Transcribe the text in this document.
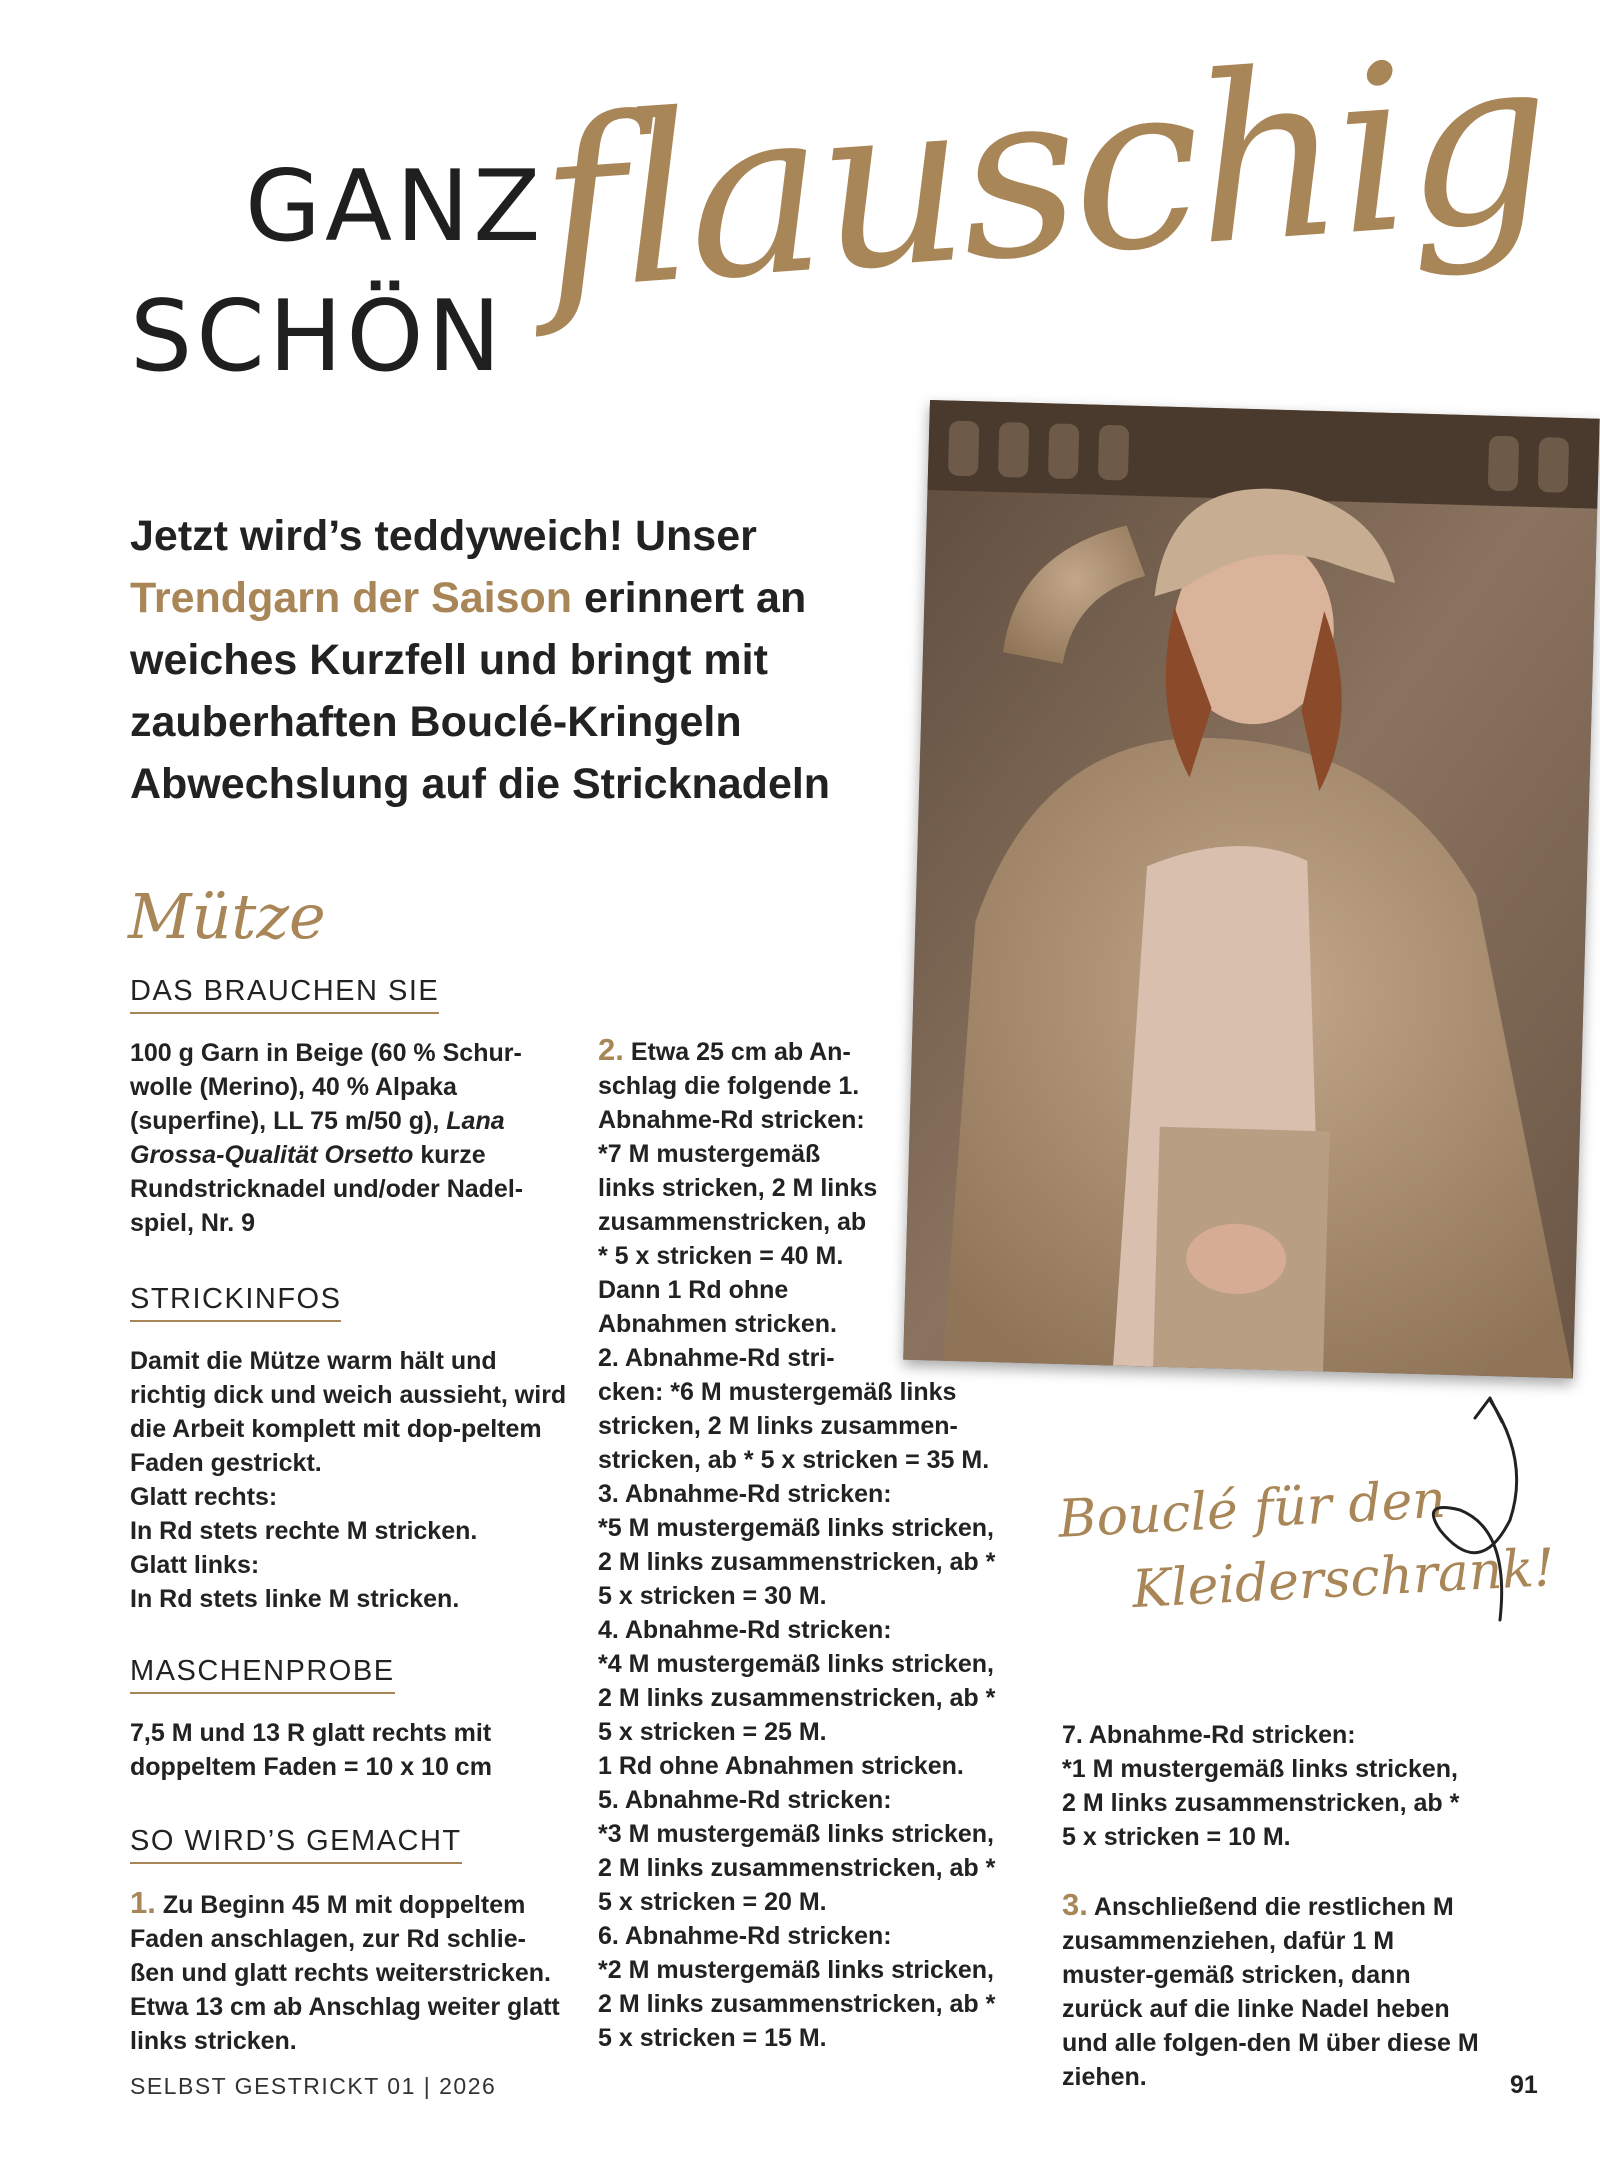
GANZ
SCHÖN flauschig
Jetzt wird’s teddyweich! Unser
Trendgarn der Saison erinnert an weiches Kurzfell und bringt mit zauberhaften Bouclé-Kringeln Abwechslung auf die Stricknadeln
Mütze
DAS BRAUCHEN SIE
100 g Garn in Beige (60 % Schur-wolle (Merino), 40 % Alpaka (superfine), LL 75 m/50 g), Lana Grossa-Qualität Orsetto kurze Rundstricknadel und/oder Nadel-spiel, Nr. 9
STRICKINFOS

Damit die Mütze warm hält und richtig dick und weich aussieht, wird die Arbeit komplett mit dop-peltem Faden gestrickt.

Glatt rechts:

In Rd stets rechte M stricken.

Glatt links:

In Rd stets linke M stricken.

MASCHENPROBE
7,5 M und 13 R glatt rechts mit doppeltem Faden = 10 x 10 cm
SO WIRD’S GEMACHT
1. Zu Beginn 45 M mit doppeltem Faden anschlagen, zur Rd schlie-ßen und glatt rechts weiterstricken. Etwa 13 cm ab Anschlag weiter glatt links stricken.
2. Etwa 25 cm ab An-

schlag die folgende 1.

Abnahme-Rd stricken:

*7 M mustergemäß

links stricken, 2 M links

zusammenstricken, ab

* 5 x stricken = 40 M.

Dann 1 Rd ohne

Abnahmen stricken.

2. Abnahme-Rd stri-

cken: *6 M mustergemäß links

stricken, 2 M links zusammen-

stricken, ab * 5 x stricken = 35 M.

3. Abnahme-Rd stricken:

*5 M mustergemäß links stricken,

2 M links zusammenstricken, ab *

5 x stricken = 30 M.

4. Abnahme-Rd stricken:

*4 M mustergemäß links stricken,

2 M links zusammenstricken, ab *

5 x stricken = 25 M.

1 Rd ohne Abnahmen stricken.

5. Abnahme-Rd stricken:

*3 M mustergemäß links stricken,

2 M links zusammenstricken, ab *

5 x stricken = 20 M.

6. Abnahme-Rd stricken:

*2 M mustergemäß links stricken,

2 M links zusammenstricken, ab *

5 x stricken = 15 M.

Bouclé für den
Kleiderschrank!

7. Abnahme-Rd stricken:

*1 M mustergemäß links stricken,

2 M links zusammenstricken, ab *

5 x stricken = 10 M.

3. Anschließend die restlichen M zusammenziehen, dafür 1 M muster-gemäß stricken, dann zurück auf die linke Nadel heben und alle folgen-den M über diese M ziehen.

SELBST GESTRICKT 01 | 2026	91
